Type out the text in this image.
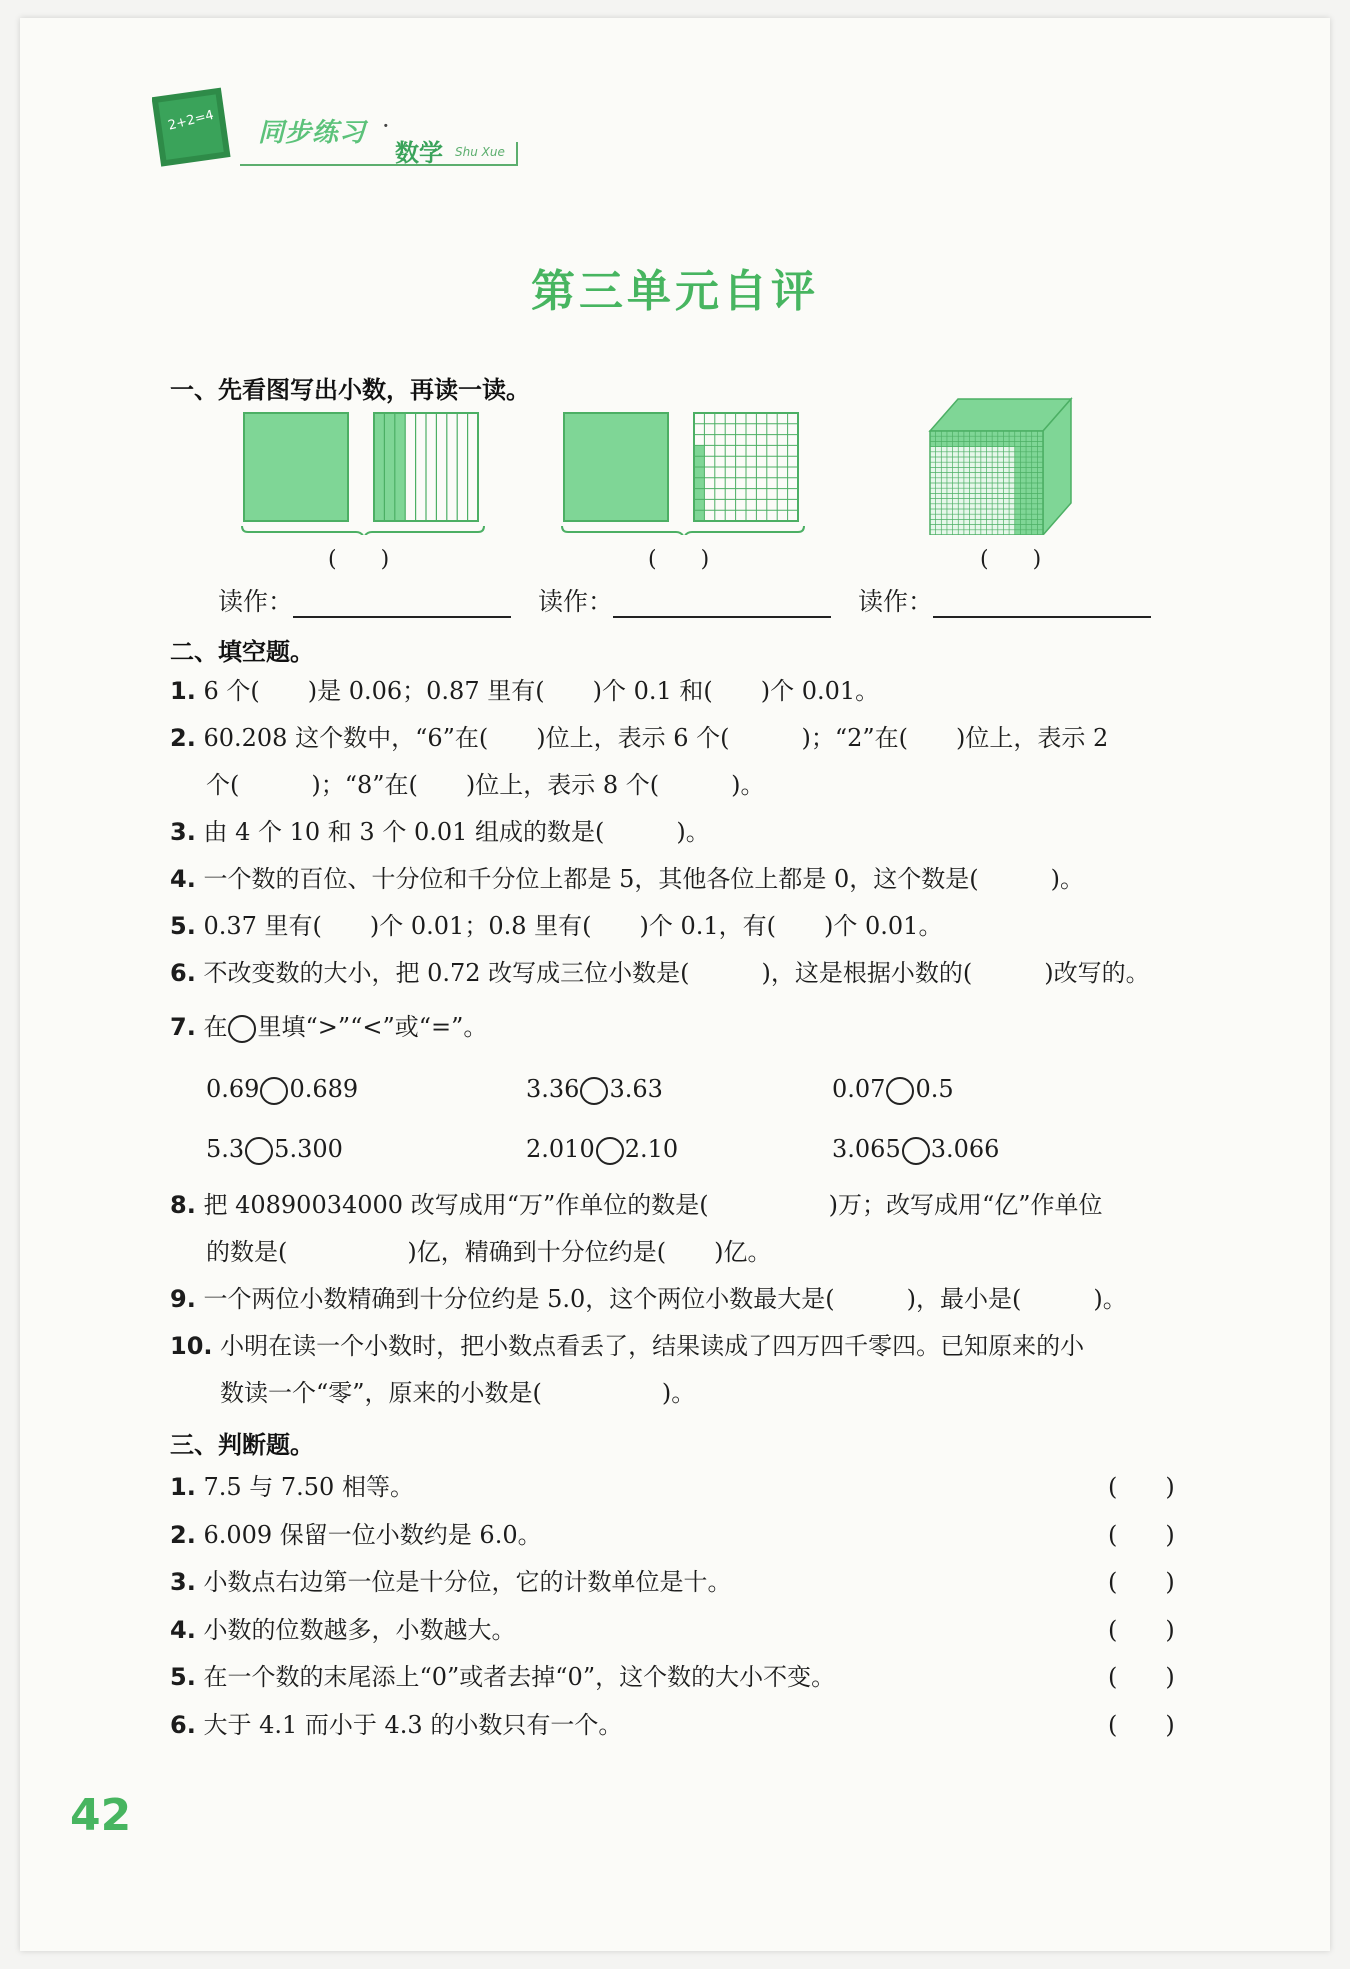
2+2=4 同步练习 ·
数学 Shu Xue
第三单元自评
一、先看图写出小数，再读一读。
(　　)	(　　)	(　　)
读作：	读作：	读作：
二、填空题。
1. 6 个(　　)是 0.06；0.87 里有(　　)个 0.1 和(　　)个 0.01。
2. 60.208 这个数中，“6”在(　　)位上，表示 6 个(　　　)；“2”在(　　)位上，表示 2
个(　　　)；“8”在(　　)位上，表示 8 个(　　　)。
3. 由 4 个 10 和 3 个 0.01 组成的数是(　　　)。
4. 一个数的百位、十分位和千分位上都是 5，其他各位上都是 0，这个数是(　　　)。
5. 0.37 里有(　　)个 0.01；0.8 里有(　　)个 0.1，有(　　)个 0.01。
6. 不改变数的大小，把 0.72 改写成三位小数是(　　　)，这是根据小数的(　　　)改写的。
7. 在 里填“>”“<”或“=”。
0.69 0.689	3.36 3.63	0.07 0.5
5.3 5.300	2.010 2.10	3.065 3.066
8. 把 40890034000 改写成用“万”作单位的数是(　　　　　)万；改写成用“亿”作单位
的数是(　　　　　)亿，精确到十分位约是(　　)亿。
9. 一个两位小数精确到十分位约是 5.0，这个两位小数最大是(　　　)，最小是(　　　)。
10. 小明在读一个小数时，把小数点看丢了，结果读成了四万四千零四。已知原来的小
数读一个“零”，原来的小数是(　　　　　)。
三、判断题。
1. 7.5 与 7.50 相等。	(　　)
2. 6.009 保留一位小数约是 6.0。	(　　)
3. 小数点右边第一位是十分位，它的计数单位是十。	(　　)
4. 小数的位数越多，小数越大。	(　　)
5. 在一个数的末尾添上“0”或者去掉“0”，这个数的大小不变。	(　　)
6. 大于 4.1 而小于 4.3 的小数只有一个。	(　　)
42
